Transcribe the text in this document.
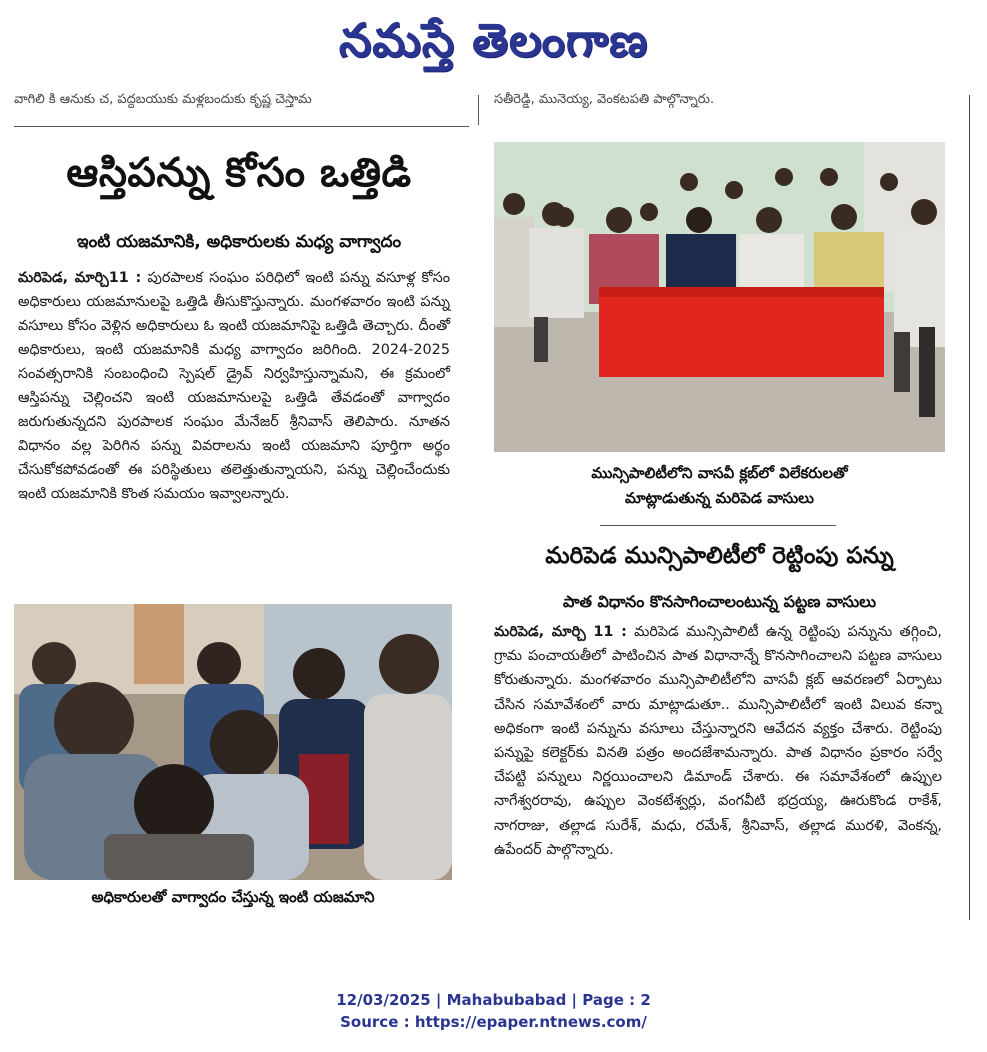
నమస్తే తెలంగాణ
వాగిలి కి ఆనుకు చ, పద్దబయుకు మళ్లబందుకు కృష్ణ చెస్తామ	సతీరెడ్డి, మునెయ్య, వెంకటపతి పాల్గొన్నారు.
ఆస్తిపన్ను కోసం ఒత్తిడి
ఇంటి యజమానికి, అధికారులకు మధ్య వాగ్వాదం
మరిపెడ, మార్చి11 : పురపాలక సంఘం పరిధిలో ఇంటి పన్ను వసూళ్ల కోసం అధికారులు యజమానులపై ఒత్తిడి తీసుకొస్తున్నారు. మంగళవారం ఇంటి పన్ను వసూలు కోసం వెళ్లిన అధికారులు ఓ ఇంటి యజమానిపై ఒత్తిడి తెచ్చారు. దీంతో అధికారులు, ఇంటి యజమానికి మధ్య వాగ్వాదం జరిగింది. 2024-2025 సంవత్సరానికి సంబంధించి స్పెషల్ డ్రైవ్ నిర్వహిస్తున్నామని, ఈ క్రమంలో ఆస్తిపన్ను చెల్లించని ఇంటి యజమానులపై ఒత్తిడి తేవడంతో వాగ్వాదం జరుగుతున్నదని పురపాలక సంఘం మేనేజర్ శ్రీనివాస్ తెలిపారు. నూతన విధానం వల్ల పెరిగిన పన్ను వివరాలను ఇంటి యజమాని పూర్తిగా అర్థం చేసుకోకపోవడంతో ఈ పరిస్థితులు తలెత్తుతున్నాయని, పన్ను చెల్లించేందుకు ఇంటి యజమానికి కొంత సమయం ఇవ్వాలన్నారు.
అధికారులతో వాగ్వాదం చేస్తున్న ఇంటి యజమాని
మున్సిపాలిటీలోని వాసవీ క్లబ్‌లో విలేకరులతో
మాట్లాడుతున్న మరిపెడ వాసులు
మరిపెడ మున్సిపాలిటీలో రెట్టింపు పన్ను
పాత విధానం కొనసాగించాలంటున్న పట్టణ వాసులు
మరిపెడ, మార్చి 11 : మరిపెడ మున్సిపాలిటీ ఉన్న రెట్టింపు పన్నును తగ్గించి, గ్రామ పంచాయతీలో పాటించిన పాత విధానాన్నే కొనసాగించాలని పట్టణ వాసులు కోరుతున్నారు. మంగళవారం మున్సిపాలిటీలోని వాసవీ క్లబ్ ఆవరణలో ఏర్పాటు చేసిన సమావేశంలో వారు మాట్లాడుతూ.. మున్సిపాలిటీలో ఇంటి విలువ కన్నా అధికంగా ఇంటి పన్నును వసూలు చేస్తున్నారని ఆవేదన వ్యక్తం చేశారు. రెట్టింపు పన్నుపై కలెక్టర్‌కు వినతి పత్రం అందజేశామన్నారు. పాత విధానం ప్రకారం సర్వే చేపట్టి పన్నులు నిర్ణయించాలని డిమాండ్ చేశారు. ఈ సమావేశంలో ఉప్పుల నాగేశ్వరరావు, ఉప్పుల వెంకటేశ్వర్లు, వంగవీటి భద్రయ్య, ఊరుకొండ రాకేశ్, నాగరాజు, తల్లాడ సురేశ్, మధు, రమేశ్, శ్రీనివాస్, తల్లాడ మురళి, వెంకన్న, ఉపేందర్ పాల్గొన్నారు.
12/03/2025 | Mahabubabad | Page : 2
Source : https://epaper.ntnews.com/
